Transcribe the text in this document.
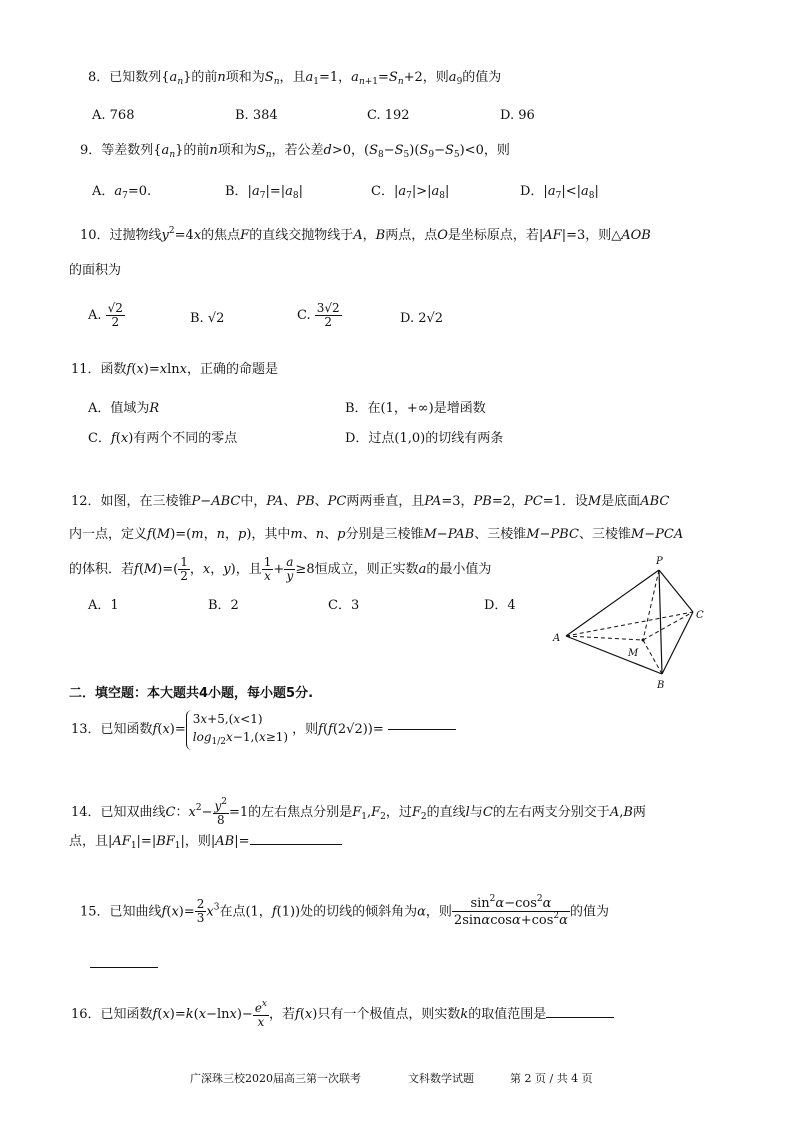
8．已知数列$\{a_n\}$的前n项和为$S_n$，且$a_1=1$，$a_{n+1}=S_n+2$，则$a_9$的值为
A. 768	B. 384	C. 192	D. 96
9．等差数列$\{a_n\}$的前n项和为$S_n$，若公差d>0，$(S_8-S_5)(S_9-S_5)<0$，则
A．$a_7=0$.	B．$|a_7|=|a_8|$	C．$|a_7|>|a_8|$	D．$|a_7|<|a_8|$
10．过抛物线$y^2=4x$的焦点F的直线交抛物线于A，B两点，点O是坐标原点，若|AF|=3，则△AOB
的面积为
A. $\frac{√2}{2}$	B. √2	C. $\frac{3√2}{2}$	D. 2√2
11．函数f(x)=xlnx，正确的命题是
A．值域为R	B．在(1，+∞)是增函数
C．f(x)有两个不同的零点	D．过点(1,0)的切线有两条
12．如图，在三棱锥P−ABC中，PA、PB、PC两两垂直，且PA=3，PB=2，PC=1．设M是底面ABC
内一点，定义f(M)=(m，n，p)，其中m、n、p分别是三棱锥M−PAB、三棱锥M−PBC、三棱锥M−PCA
的体积．若$f(M)=( \frac{1}{2}$ ，x，y)，且 $\frac{1}{x} + \frac{a}{y} \ge 8$恒成立，则正实数a的最小值为
A．1	B．2	C．3	D．4
P
A
B
C
M
二．填空题：本大题共4小题，每小题5分.
13．已知函数f(x)=3x+5,(x<1)
$\log_{1/2}x-1,(x\ge 1)$，则f(f(2√2))=
14．已知双曲线C：$x^2- \frac{y^2}{8} =1$的左右焦点分别是$F_1,F_2$，过$F_2$的直线l与C的左右两支分别交于A,B两
点，且$|AF_1|=|BF_1|$，则|AB|=
15．已知曲线$f(x)= \frac{2}{3} x^3$在点(1，f(1))处的切线的倾斜角为α，则 $\frac{\sin^2\alpha-\cos^2\alpha}{2\sin\alpha\cos\alpha+\cos^2\alpha}$ 的值为
16．已知函数$f(x)=k(x-\ln x)- \frac{e^x}{x}$ ，若f(x)只有一个极值点，则实数k的取值范围是
广深珠三校2020届高三第一次联考	文科数学试题	第 2 页 / 共 4 页
